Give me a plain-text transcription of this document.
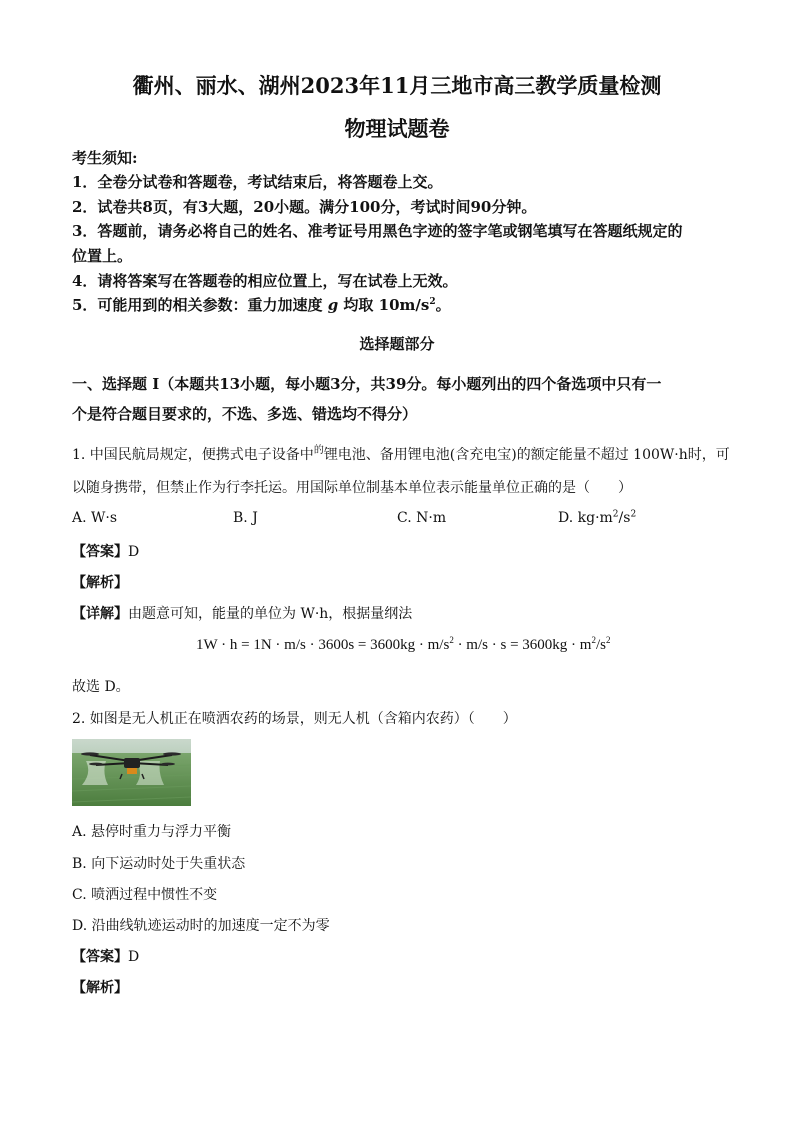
衢州、丽水、湖州2023年11月三地市高三教学质量检测
物理试题卷
考生须知:
1．全卷分试卷和答题卷，考试结束后，将答题卷上交。
2．试卷共8页，有3大题，20小题。满分100分，考试时间90分钟。
3．答题前，请务必将自己的姓名、准考证号用黑色字迹的签字笔或钢笔填写在答题纸规定的
位置上。
4．请将答案写在答题卷的相应位置上，写在试卷上无效。
5．可能用到的相关参数：重力加速度 g 均取 $10m/s^2$。
选择题部分
一、选择题 I（本题共13小题，每小题3分，共39分。每小题列出的四个备选项中只有一
个是符合题目要求的，不选、多选、错选均不得分）
1. 中国民航局规定，便携式电子设备中$^的$锂电池、备用锂电池(含充电宝)的额定能量不超过 100W·h时，可
以随身携带，但禁止作为行李托运。用国际单位制基本单位表示能量单位正确的是（　　）
A. W·s	B. J	C. N·m	D. $kg\cdot m^2/s^2$
【答案】D
【解析】
【详解】由题意可知，能量的单位为 W·h，根据量纲法
$1W \cdot h = 1N \cdot m/s \cdot 3600s = 3600kg \cdot m/s^2 \cdot m/s \cdot s = 3600kg \cdot m^2/s^2$
故选 D。
2. 如图是无人机正在喷洒农药的场景，则无人机（含箱内农药）（　　）
A. 悬停时重力与浮力平衡
B. 向下运动时处于失重状态
C. 喷洒过程中惯性不变
D. 沿曲线轨迹运动时的加速度一定不为零
【答案】D
【解析】
